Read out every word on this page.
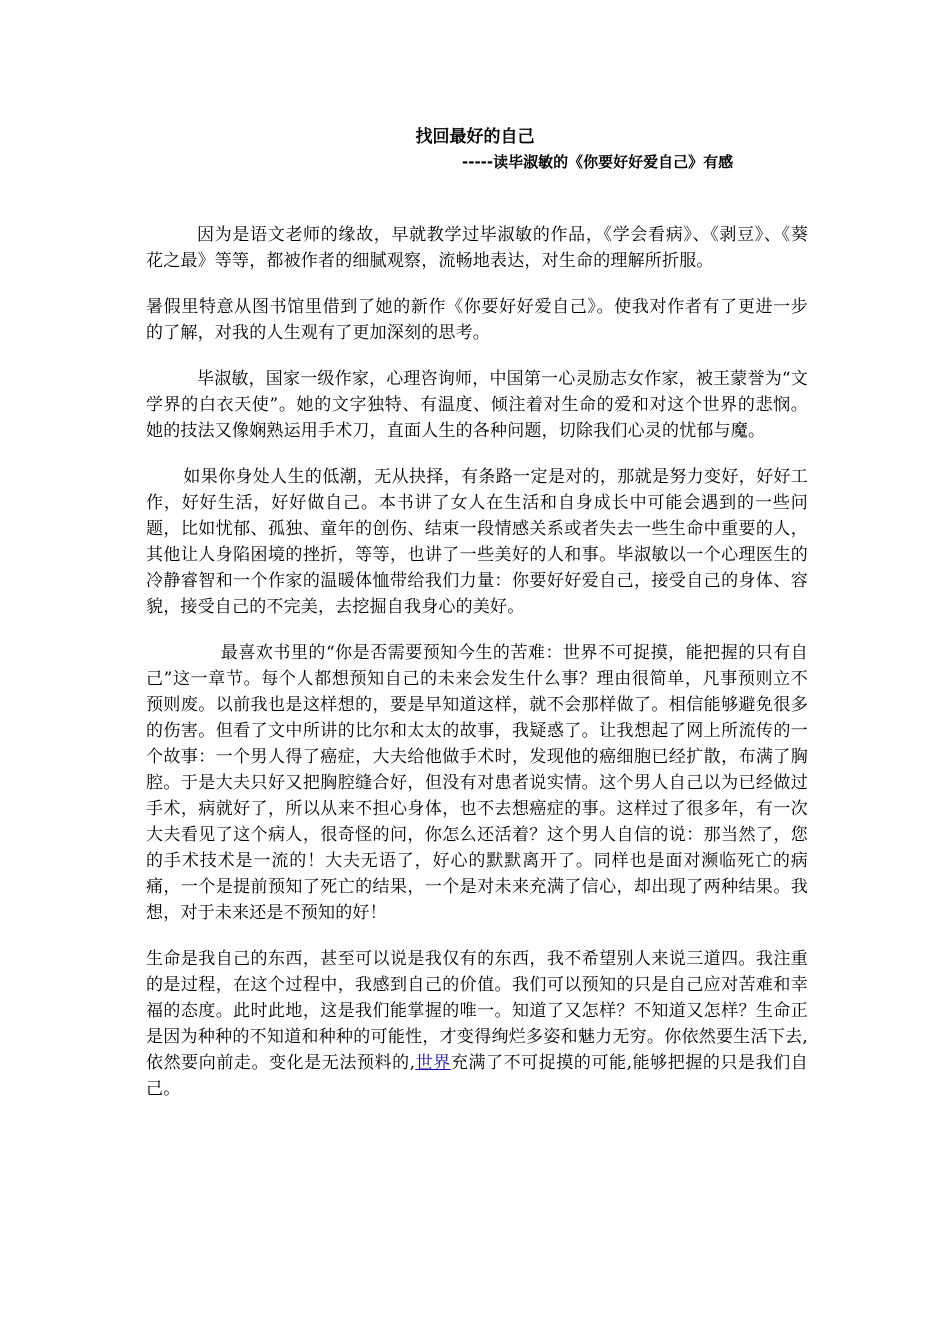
找回最好的自己
-----读毕淑敏的《你要好好爱自己》有感

因为是语文老师的缘故，早就教学过毕淑敏的作品，《学会看病》、《剥豆》、《葵花之最》等等，都被作者的细腻观察，流畅地表达，对生命的理解所折服。

暑假里特意从图书馆里借到了她的新作《你要好好爱自己》。使我对作者有了更进一步的了解，对我的人生观有了更加深刻的思考。

毕淑敏，国家一级作家，心理咨询师，中国第一心灵励志女作家，被王蒙誉为“文学界的白衣天使”。她的文字独特、有温度、倾注着对生命的爱和对这个世界的悲悯。她的技法又像娴熟运用手术刀，直面人生的各种问题，切除我们心灵的忧郁与魔。

如果你身处人生的低潮，无从抉择，有条路一定是对的，那就是努力变好，好好工作，好好生活，好好做自己。本书讲了女人在生活和自身成长中可能会遇到的一些问题，比如忧郁、孤独、童年的创伤、结束一段情感关系或者失去一些生命中重要的人，其他让人身陷困境的挫折，等等，也讲了一些美好的人和事。毕淑敏以一个心理医生的冷静睿智和一个作家的温暖体恤带给我们力量：你要好好爱自己，接受自己的身体、容貌，接受自己的不完美，去挖掘自我身心的美好。

最喜欢书里的“你是否需要预知今生的苦难：世界不可捉摸，能把握的只有自己”这一章节。每个人都想预知自己的未来会发生什么事？理由很简单，凡事预则立不预则废。以前我也是这样想的，要是早知道这样，就不会那样做了。相信能够避免很多的伤害。但看了文中所讲的比尔和太太的故事，我疑惑了。让我想起了网上所流传的一个故事：一个男人得了癌症，大夫给他做手术时，发现他的癌细胞已经扩散，布满了胸腔。于是大夫只好又把胸腔缝合好，但没有对患者说实情。这个男人自己以为已经做过手术，病就好了，所以从来不担心身体，也不去想癌症的事。这样过了很多年，有一次大夫看见了这个病人，很奇怪的问，你怎么还活着？这个男人自信的说：那当然了，您的手术技术是一流的！大夫无语了，好心的默默离开了。同样也是面对濒临死亡的病痛，一个是提前预知了死亡的结果，一个是对未来充满了信心，却出现了两种结果。我想，对于未来还是不预知的好！

生命是我自己的东西，甚至可以说是我仅有的东西，我不希望别人来说三道四。我注重的是过程，在这个过程中，我感到自己的价值。我们可以预知的只是自己应对苦难和幸福的态度。此时此地，这是我们能掌握的唯一。知道了又怎样？不知道又怎样？生命正是因为种种的不知道和种种的可能性，才变得绚烂多姿和魅力无穷。你依然要生活下去,依然要向前走。变化是无法预料的,世界充满了不可捉摸的可能,能够把握的只是我们自己。
